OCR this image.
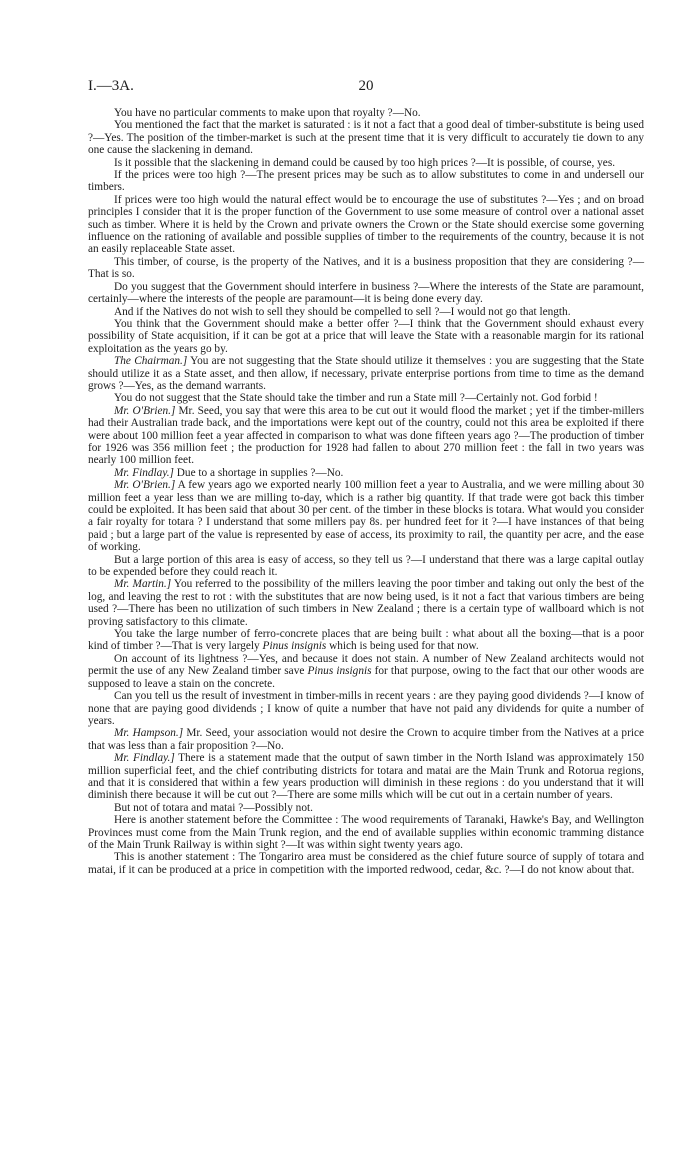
I.—3A.	20

You have no particular comments to make upon that royalty ?—No.

You mentioned the fact that the market is saturated : is it not a fact that a good deal of timber-substitute is being used ?—Yes. The position of the timber-market is such at the present time that it is very difficult to accurately tie down to any one cause the slackening in demand.

Is it possible that the slackening in demand could be caused by too high prices ?—It is possible, of course, yes.

If the prices were too high ?—The present prices may be such as to allow substitutes to come in and undersell our timbers.

If prices were too high would the natural effect would be to encourage the use of substitutes ?—Yes ; and on broad principles I consider that it is the proper function of the Government to use some measure of control over a national asset such as timber. Where it is held by the Crown and private owners the Crown or the State should exercise some governing influence on the rationing of available and possible supplies of timber to the requirements of the country, because it is not an easily replaceable State asset.

This timber, of course, is the property of the Natives, and it is a business proposition that they are considering ?—That is so.

Do you suggest that the Government should interfere in business ?—Where the interests of the State are paramount, certainly—where the interests of the people are paramount—it is being done every day.

And if the Natives do not wish to sell they should be compelled to sell ?—I would not go that length.

You think that the Government should make a better offer ?—I think that the Government should exhaust every possibility of State acquisition, if it can be got at a price that will leave the State with a reasonable margin for its rational exploitation as the years go by.

The Chairman.] You are not suggesting that the State should utilize it themselves : you are suggesting that the State should utilize it as a State asset, and then allow, if necessary, private enterprise portions from time to time as the demand grows ?—Yes, as the demand warrants.

You do not suggest that the State should take the timber and run a State mill ?—Certainly not. God forbid !

Mr. O'Brien.] Mr. Seed, you say that were this area to be cut out it would flood the market ; yet if the timber-millers had their Australian trade back, and the importations were kept out of the country, could not this area be exploited if there were about 100 million feet a year affected in comparison to what was done fifteen years ago ?—The production of timber for 1926 was 356 million feet ; the production for 1928 had fallen to about 270 million feet : the fall in two years was nearly 100 million feet.

Mr. Findlay.] Due to a shortage in supplies ?—No.

Mr. O'Brien.] A few years ago we exported nearly 100 million feet a year to Australia, and we were milling about 30 million feet a year less than we are milling to-day, which is a rather big quantity. If that trade were got back this timber could be exploited. It has been said that about 30 per cent. of the timber in these blocks is totara. What would you consider a fair royalty for totara ? I understand that some millers pay 8s. per hundred feet for it ?—I have instances of that being paid ; but a large part of the value is represented by ease of access, its proximity to rail, the quantity per acre, and the ease of working.

But a large portion of this area is easy of access, so they tell us ?—I understand that there was a large capital outlay to be expended before they could reach it.

Mr. Martin.] You referred to the possibility of the millers leaving the poor timber and taking out only the best of the log, and leaving the rest to rot : with the substitutes that are now being used, is it not a fact that various timbers are being used ?—There has been no utilization of such timbers in New Zealand ; there is a certain type of wallboard which is not proving satisfactory to this climate.

You take the large number of ferro-concrete places that are being built : what about all the boxing—that is a poor kind of timber ?—That is very largely Pinus insignis which is being used for that now.

On account of its lightness ?—Yes, and because it does not stain. A number of New Zealand architects would not permit the use of any New Zealand timber save Pinus insignis for that purpose, owing to the fact that our other woods are supposed to leave a stain on the concrete.

Can you tell us the result of investment in timber-mills in recent years : are they paying good dividends ?—I know of none that are paying good dividends ; I know of quite a number that have not paid any dividends for quite a number of years.

Mr. Hampson.] Mr. Seed, your association would not desire the Crown to acquire timber from the Natives at a price that was less than a fair proposition ?—No.

Mr. Findlay.] There is a statement made that the output of sawn timber in the North Island was approximately 150 million superficial feet, and the chief contributing districts for totara and matai are the Main Trunk and Rotorua regions, and that it is considered that within a few years production will diminish in these regions : do you understand that it will diminish there because it will be cut out ?—There are some mills which will be cut out in a certain number of years.

But not of totara and matai ?—Possibly not.

Here is another statement before the Committee : The wood requirements of Taranaki, Hawke's Bay, and Wellington Provinces must come from the Main Trunk region, and the end of available supplies within economic tramming distance of the Main Trunk Railway is within sight ?—It was within sight twenty years ago.

This is another statement : The Tongariro area must be considered as the chief future source of supply of totara and matai, if it can be produced at a price in competition with the imported redwood, cedar, &c. ?—I do not know about that.
